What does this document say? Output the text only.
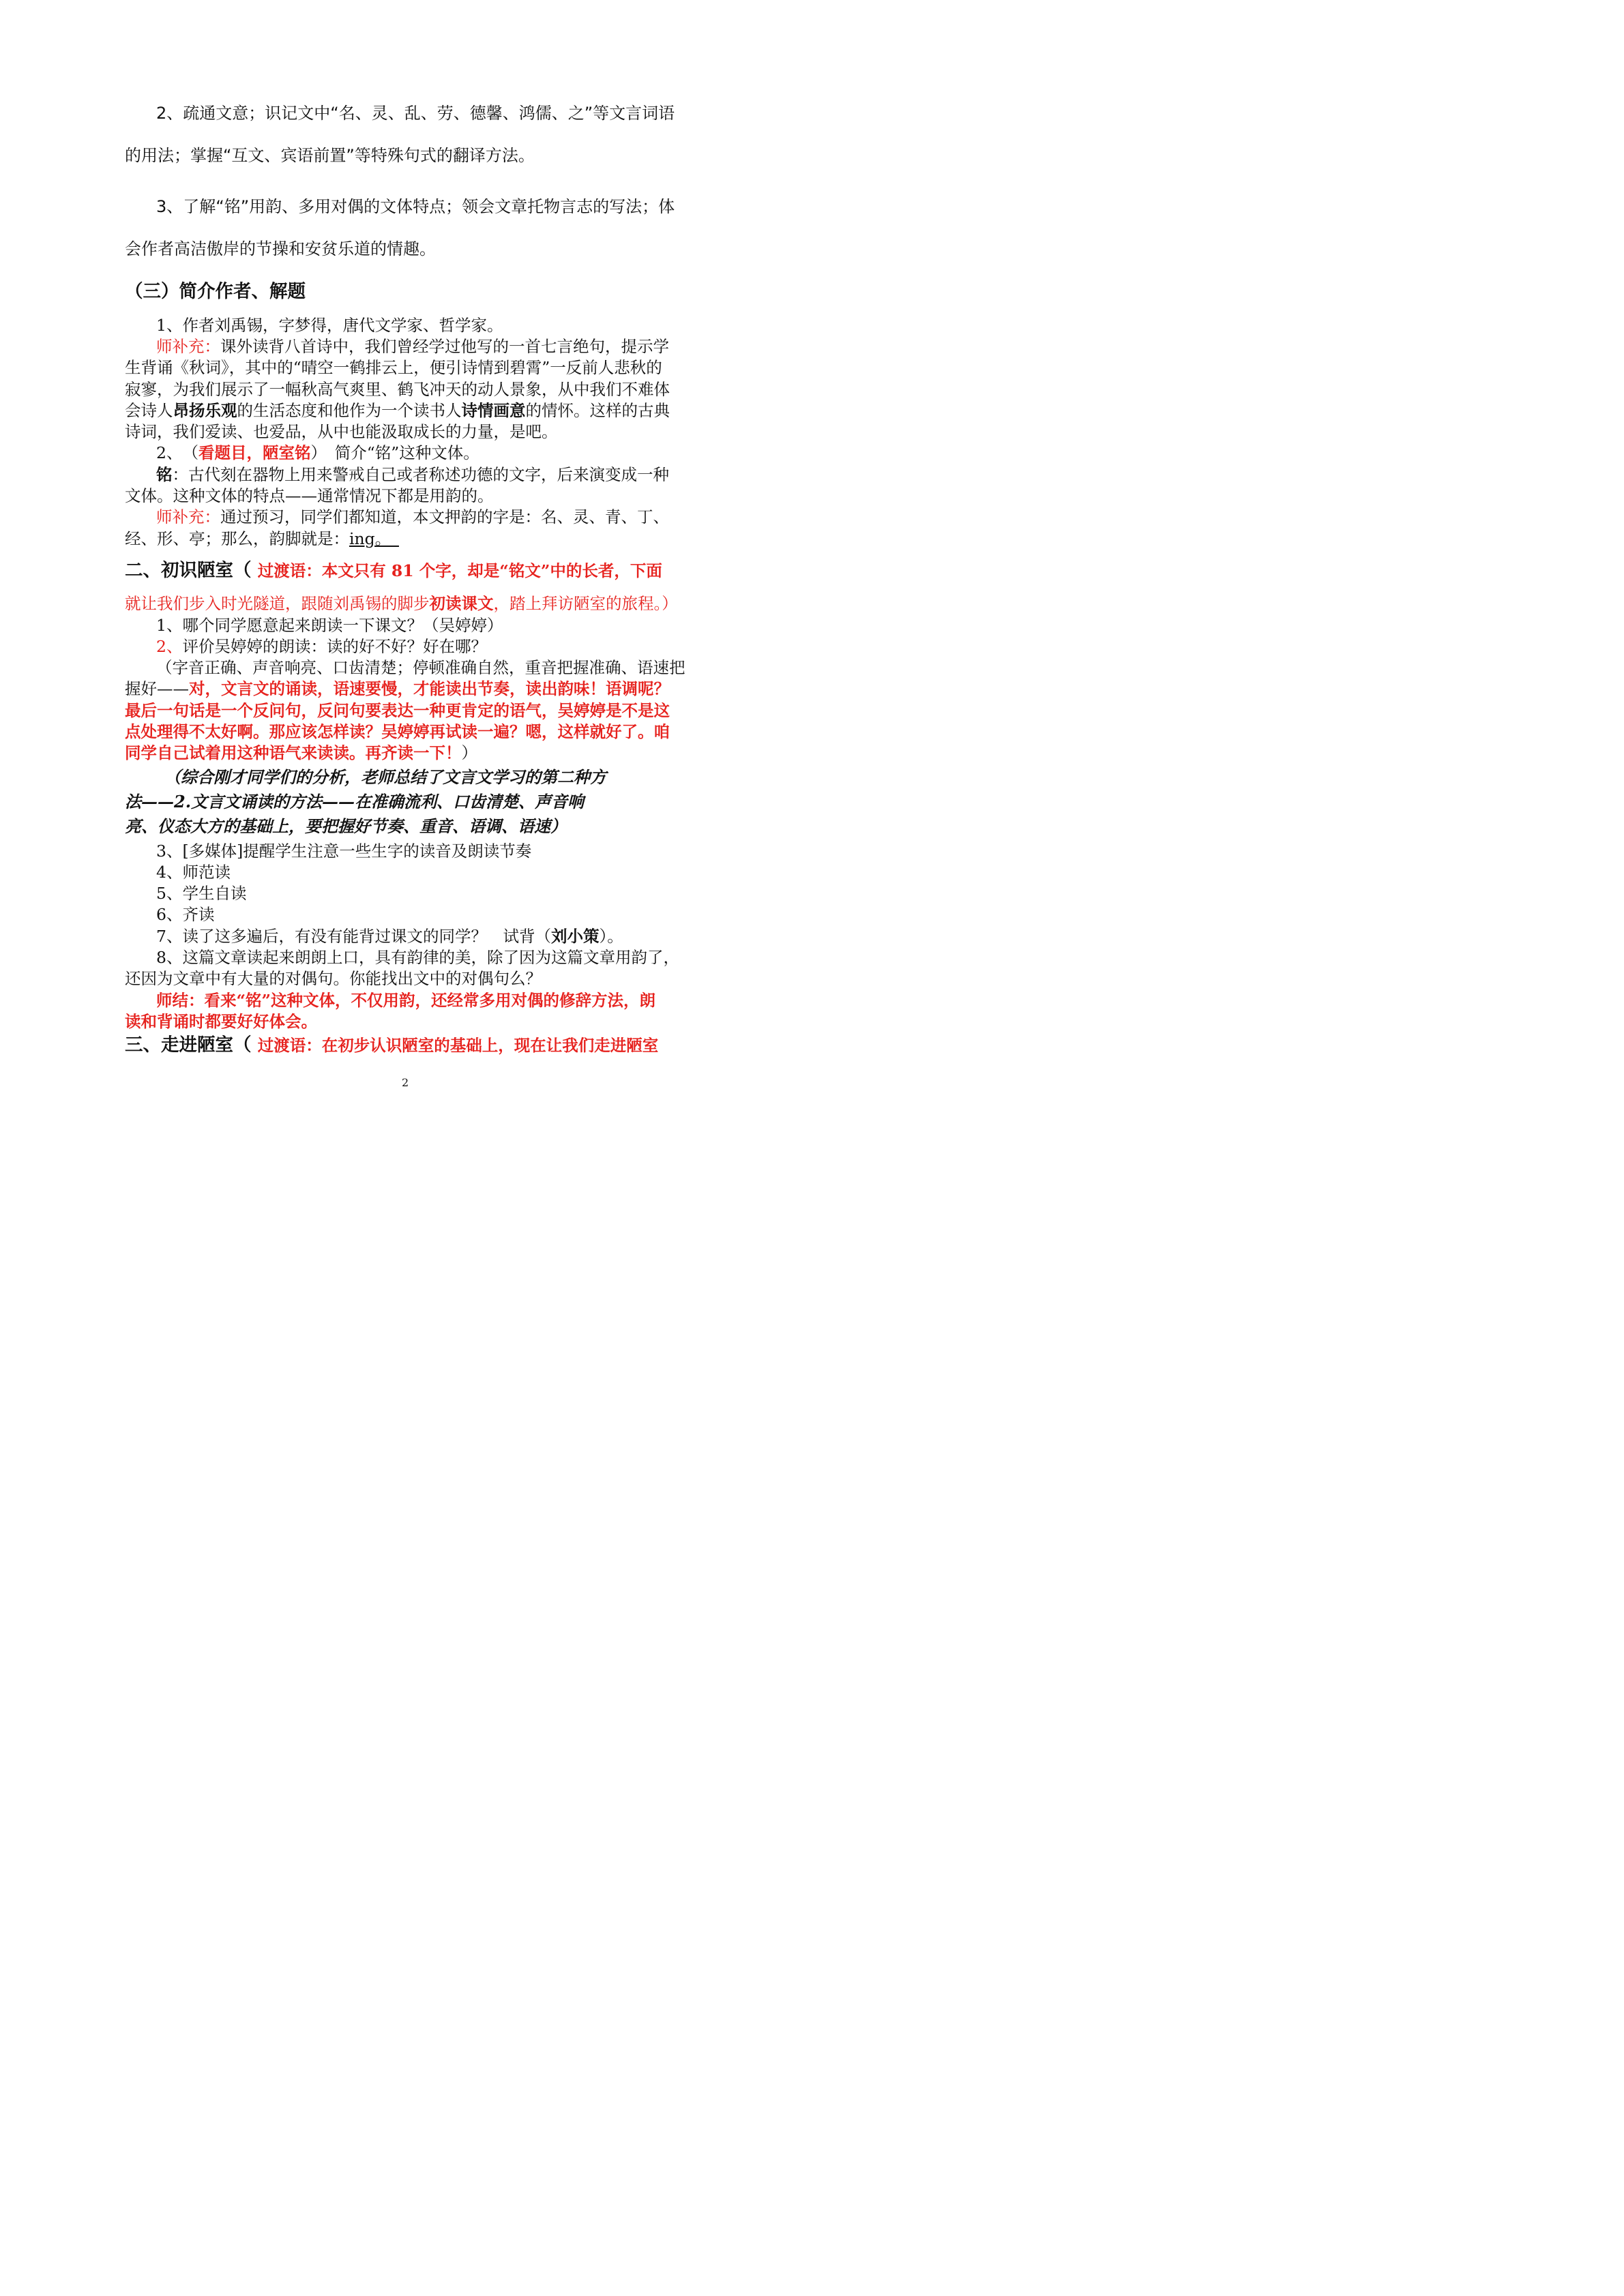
2、疏通文意；识记文中“名、灵、乱、劳、德馨、鸿儒、之”等文言词语
的用法；掌握“互文、宾语前置”等特殊句式的翻译方法。
3、了解“铭”用韵、多用对偶的文体特点；领会文章托物言志的写法；体
会作者高洁傲岸的节操和安贫乐道的情趣。
（三）简介作者、解题
1、作者刘禹锡，字梦得，唐代文学家、哲学家。
师补充：课外读背八首诗中，我们曾经学过他写的一首七言绝句，提示学
生背诵《秋词》，其中的“晴空一鹤排云上，便引诗情到碧霄”一反前人悲秋的
寂寥，为我们展示了一幅秋高气爽里、鹤飞冲天的动人景象，从中我们不难体
会诗人昂扬乐观的生活态度和他作为一个读书人诗情画意的情怀。这样的古典
诗词，我们爱读、也爱品，从中也能汲取成长的力量，是吧。
2、　（看题目，陋室铭）　简介“铭”这种文体。
铭：古代刻在器物上用来警戒自己或者称述功德的文字，后来演变成一种
文体。这种文体的特点——通常情况下都是用韵的。
师补充：通过预习，同学们都知道，本文押韵的字是：名、灵、青、丁、
经、形、亭；那么，韵脚就是：ing。　
二、初识陋室（ 过渡语：本文只有 81 个字，却是“铭文”中的长者，下面
就让我们步入时光隧道，跟随刘禹锡的脚步初读课文，踏上拜访陋室的旅程。）
1、哪个同学愿意起来朗读一下课文？（吴婷婷）
2、评价吴婷婷的朗读：读的好不好？好在哪？
（字音正确、声音响亮、口齿清楚；停顿准确自然，重音把握准确、语速把
握好——对，文言文的诵读，语速要慢，才能读出节奏，读出韵味！语调呢？
最后一句话是一个反问句，反问句要表达一种更肯定的语气，吴婷婷是不是这
点处理得不太好啊。那应该怎样读？吴婷婷再试读一遍？嗯，这样就好了。咱
同学自己试着用这种语气来读读。再齐读一下！）
　（综合刚才同学们的分析，老师总结了文言文学习的第二种方
法——2.文言文诵读的方法——在准确流利、口齿清楚、声音响
亮、仪态大方的基础上，要把握好节奏、重音、语调、语速）
3、[多媒体]提醒学生注意一些生字的读音及朗读节奏
4、师范读
5、学生自读
6、齐读
7、读了这多遍后，有没有能背过课文的同学？　试背（刘小策）。
8、这篇文章读起来朗朗上口，具有韵律的美，除了因为这篇文章用韵了，
还因为文章中有大量的对偶句。你能找出文中的对偶句么？
师结：看来“铭”这种文体，不仅用韵，还经常多用对偶的修辞方法，朗
读和背诵时都要好好体会。
三、走进陋室（ 过渡语：在初步认识陋室的基础上，现在让我们走进陋室
2
